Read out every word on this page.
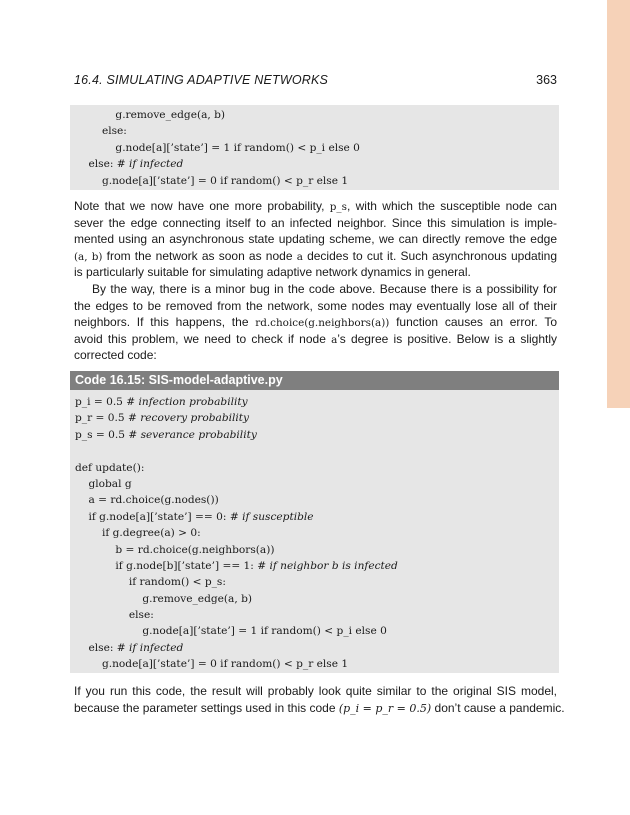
16.4. SIMULATING ADAPTIVE NETWORKS	363
g.remove_edge(a, b)
else:
g.node[a][’state’] = 1 if random() < p_i else 0
else: # if infected
g.node[a][’state’] = 0 if random() < p_r else 1
Note that we now have one more probability, p_s, with which the susceptible node can
sever the edge connecting itself to an infected neighbor. Since this simulation is imple-
mented using an asynchronous state updating scheme, we can directly remove the edge
(a, b) from the network as soon as node a decides to cut it. Such asynchronous updating
is particularly suitable for simulating adaptive network dynamics in general.
By the way, there is a minor bug in the code above. Because there is a possibility for
the edges to be removed from the network, some nodes may eventually lose all of their
neighbors. If this happens, the rd.choice(g.neighbors(a)) function causes an error. To
avoid this problem, we need to check if node a’s degree is positive. Below is a slightly
corrected code:
Code 16.15: SIS-model-adaptive.py
p_i = 0.5 # infection probability
p_r = 0.5 # recovery probability
p_s = 0.5 # severance probability
def update():
global g
a = rd.choice(g.nodes())
if g.node[a][’state’] == 0: # if susceptible
if g.degree(a) > 0:
b = rd.choice(g.neighbors(a))
if g.node[b][’state’] == 1: # if neighbor b is infected
if random() < p_s:
g.remove_edge(a, b)
else:
g.node[a][’state’] = 1 if random() < p_i else 0
else: # if infected
g.node[a][’state’] = 0 if random() < p_r else 1
If you run this code, the result will probably look quite similar to the original SIS model,
because the parameter settings used in this code (p_i = p_r = 0.5) don’t cause a pandemic.
